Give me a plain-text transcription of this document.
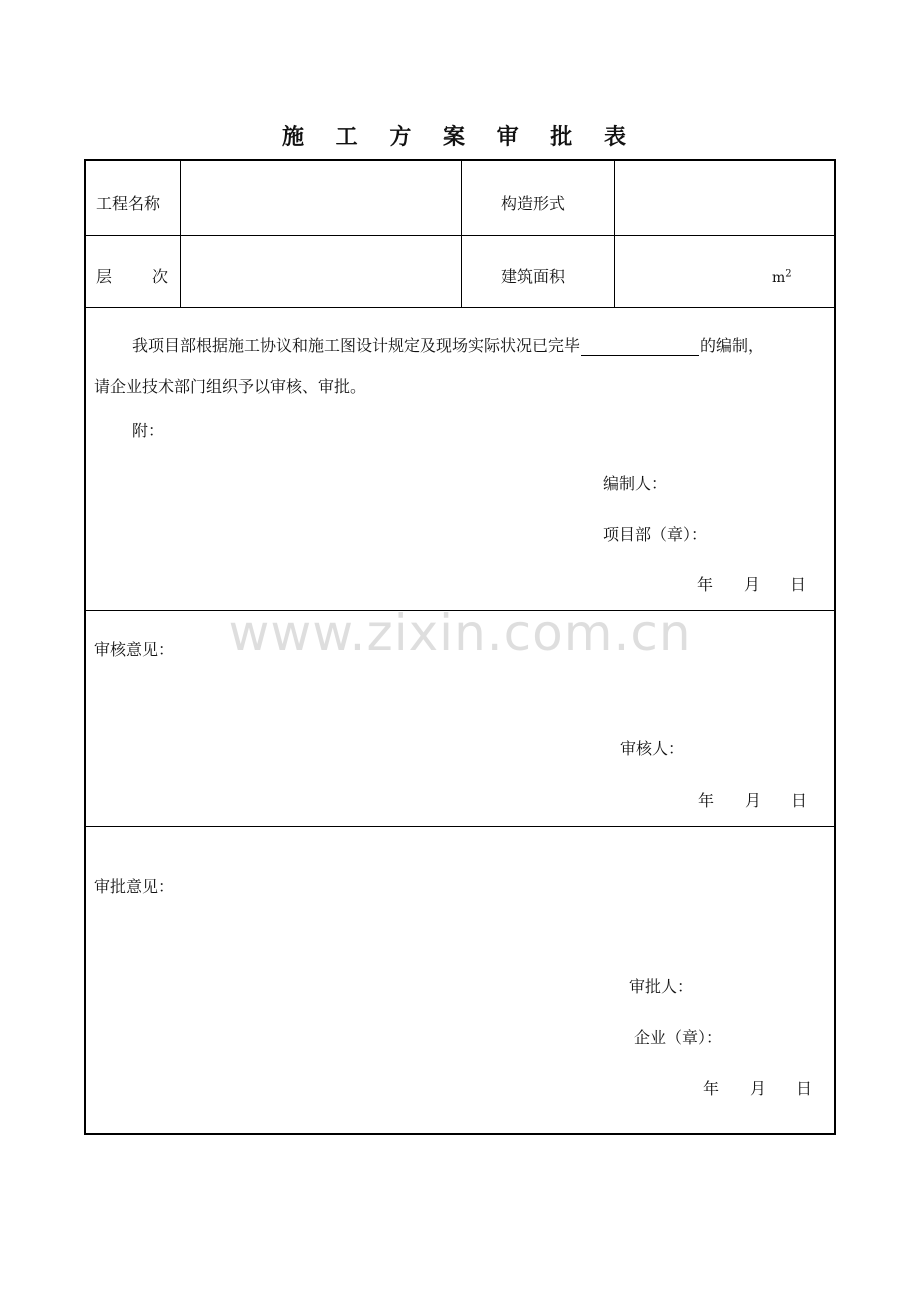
施 工 方 案 审 批 表
工程名称	构造形式
层 次	建筑面积	$m^2$
我项目部根据施工协议和施工图设计规定及现场实际状况已完毕	的编制，
请企业技术部门组织予以审核、审批。
附：
编制人：
项目部（章）：
年 月 日
审核意见：
审核人：
年 月 日
审批意见：
审批人：
企业（章）：
年 月 日
www.zixin.com.cn
